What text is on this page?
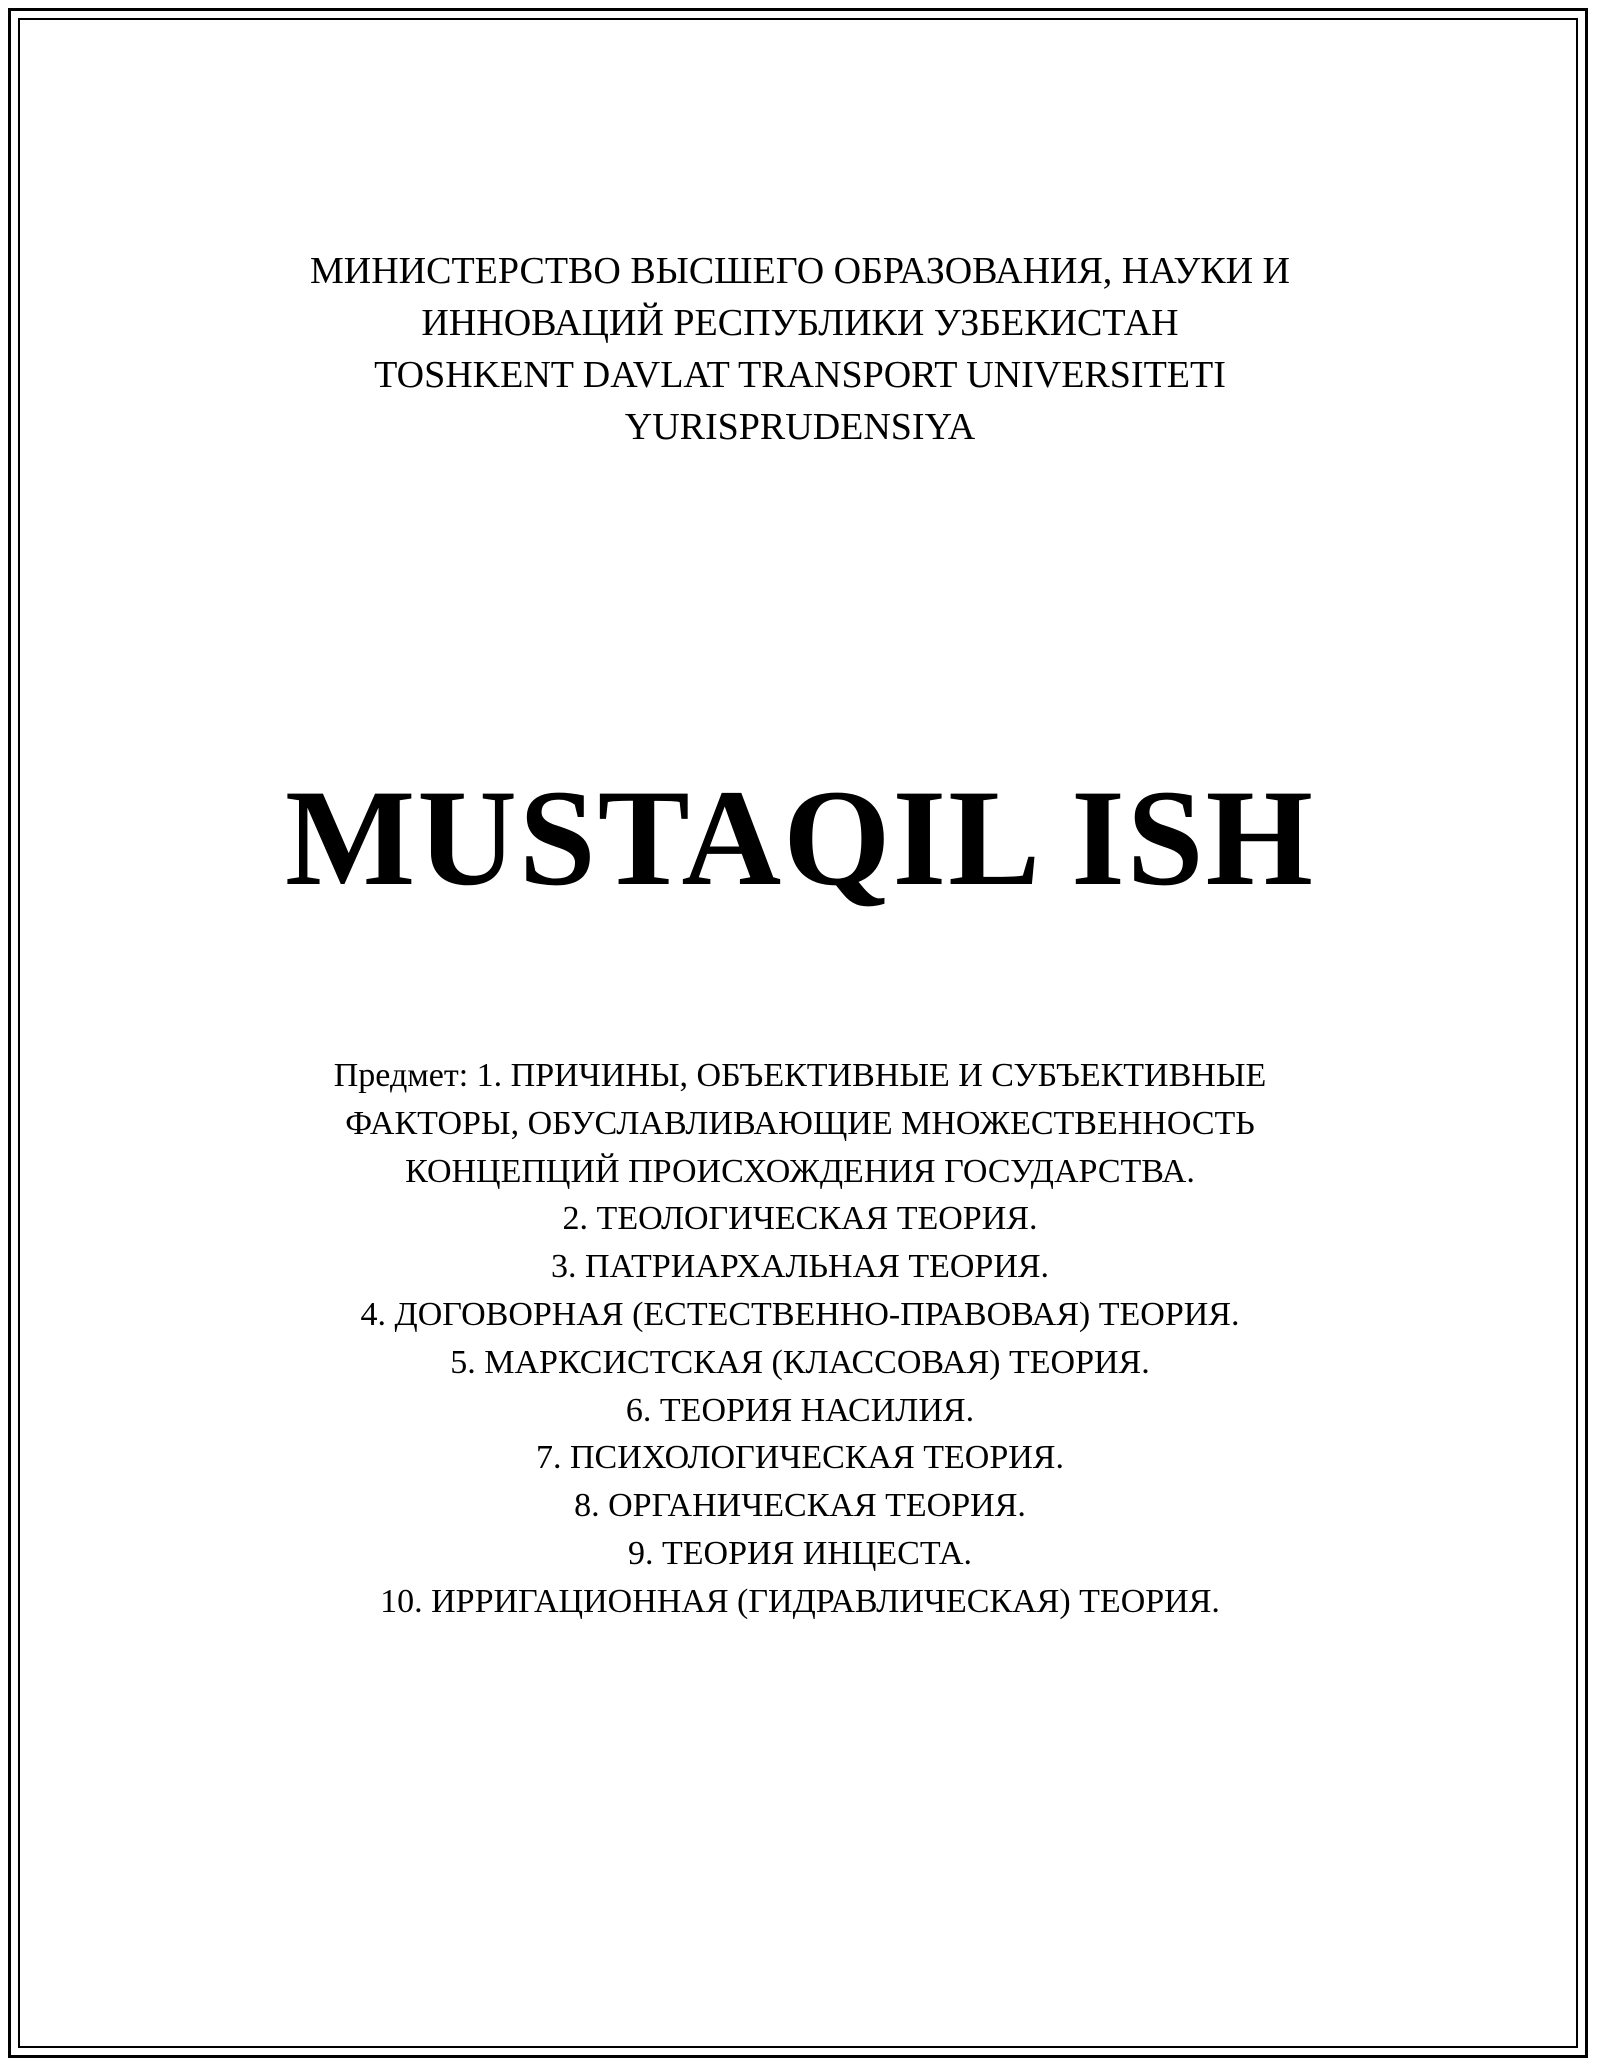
МИНИСТЕРСТВО ВЫСШЕГО ОБРАЗОВАНИЯ, НАУКИ И
ИННОВАЦИЙ РЕСПУБЛИКИ УЗБЕКИСТАН
TOSHKENT DAVLAT TRANSPORT UNIVERSITETI
YURISPRUDENSIYA
MUSTAQIL ISH
Предмет: 1. ПРИЧИНЫ, ОБЪЕКТИВНЫЕ И СУБЪЕКТИВНЫЕ
ФАКТОРЫ, ОБУСЛАВЛИВАЮЩИЕ МНОЖЕСТВЕННОСТЬ
КОНЦЕПЦИЙ ПРОИСХОЖДЕНИЯ ГОСУДАРСТВА.
2. ТЕОЛОГИЧЕСКАЯ ТЕОРИЯ.
3. ПАТРИАРХАЛЬНАЯ ТЕОРИЯ.
4. ДОГОВОРНАЯ (ЕСТЕСТВЕННО-ПРАВОВАЯ) ТЕОРИЯ.
5. МАРКСИСТСКАЯ (КЛАССОВАЯ) ТЕОРИЯ.
6. ТЕОРИЯ НАСИЛИЯ.
7. ПСИХОЛОГИЧЕСКАЯ ТЕОРИЯ.
8. ОРГАНИЧЕСКАЯ ТЕОРИЯ.
9. ТЕОРИЯ ИНЦЕСТА.
10. ИРРИГАЦИОННАЯ (ГИДРАВЛИЧЕСКАЯ) ТЕОРИЯ.
